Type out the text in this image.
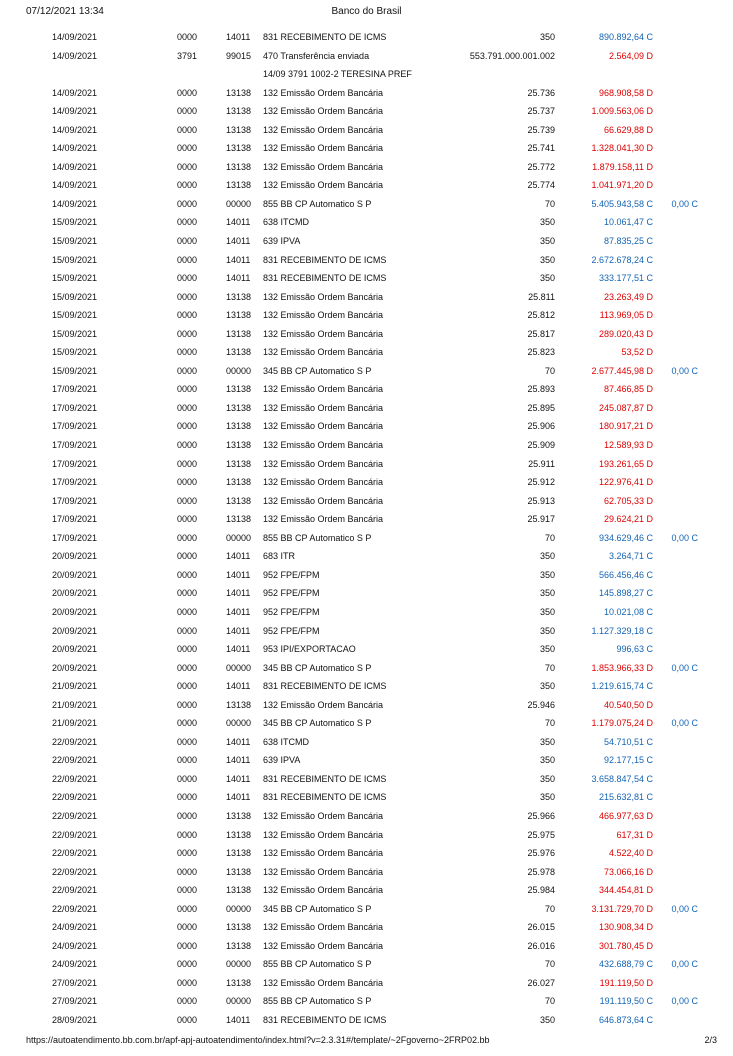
07/12/2021 13:34	Banco do Brasil
14/09/2021	0000	14011 831 RECEBIMENTO DE ICMS	350	890.892,64 C
14/09/2021	3791	99015 470 Transferência enviada	553.791.000.001.002	2.564,09 D
14/09 3791 1002-2 TERESINA PREF
14/09/2021	0000	13138 132 Emissão Ordem Bancária	25.736	968.908,58 D
14/09/2021	0000	13138 132 Emissão Ordem Bancária	25.737	1.009.563,06 D
14/09/2021	0000	13138 132 Emissão Ordem Bancária	25.739	66.629,88 D
14/09/2021	0000	13138 132 Emissão Ordem Bancária	25.741	1.328.041,30 D
14/09/2021	0000	13138 132 Emissão Ordem Bancária	25.772	1.879.158,11 D
14/09/2021	0000	13138 132 Emissão Ordem Bancária	25.774	1.041.971,20 D
14/09/2021	0000	00000 855 BB CP Automatico S P	70	5.405.943,58 C 0,00 C
15/09/2021	0000	14011 638 ITCMD	350	10.061,47 C
15/09/2021	0000	14011 639 IPVA	350	87.835,25 C
15/09/2021	0000	14011 831 RECEBIMENTO DE ICMS	350	2.672.678,24 C
15/09/2021	0000	14011 831 RECEBIMENTO DE ICMS	350	333.177,51 C
15/09/2021	0000	13138 132 Emissão Ordem Bancária	25.811	23.263,49 D
15/09/2021	0000	13138 132 Emissão Ordem Bancária	25.812	113.969,05 D
15/09/2021	0000	13138 132 Emissão Ordem Bancária	25.817	289.020,43 D
15/09/2021	0000	13138 132 Emissão Ordem Bancária	25.823	53,52 D
15/09/2021	0000	00000 345 BB CP Automatico S P	70	2.677.445,98 D 0,00 C
17/09/2021	0000	13138 132 Emissão Ordem Bancária	25.893	87.466,85 D
17/09/2021	0000	13138 132 Emissão Ordem Bancária	25.895	245.087,87 D
17/09/2021	0000	13138 132 Emissão Ordem Bancária	25.906	180.917,21 D
17/09/2021	0000	13138 132 Emissão Ordem Bancária	25.909	12.589,93 D
17/09/2021	0000	13138 132 Emissão Ordem Bancária	25.911	193.261,65 D
17/09/2021	0000	13138 132 Emissão Ordem Bancária	25.912	122.976,41 D
17/09/2021	0000	13138 132 Emissão Ordem Bancária	25.913	62.705,33 D
17/09/2021	0000	13138 132 Emissão Ordem Bancária	25.917	29.624,21 D
17/09/2021	0000	00000 855 BB CP Automatico S P	70	934.629,46 C 0,00 C
20/09/2021	0000	14011 683 ITR	350	3.264,71 C
20/09/2021	0000	14011 952 FPE/FPM	350	566.456,46 C
20/09/2021	0000	14011 952 FPE/FPM	350	145.898,27 C
20/09/2021	0000	14011 952 FPE/FPM	350	10.021,08 C
20/09/2021	0000	14011 952 FPE/FPM	350	1.127.329,18 C
20/09/2021	0000	14011 953 IPI/EXPORTACAO	350	996,63 C
20/09/2021	0000	00000 345 BB CP Automatico S P	70	1.853.966,33 D 0,00 C
21/09/2021	0000	14011 831 RECEBIMENTO DE ICMS	350	1.219.615,74 C
21/09/2021	0000	13138 132 Emissão Ordem Bancária	25.946	40.540,50 D
21/09/2021	0000	00000 345 BB CP Automatico S P	70	1.179.075,24 D 0,00 C
22/09/2021	0000	14011 638 ITCMD	350	54.710,51 C
22/09/2021	0000	14011 639 IPVA	350	92.177,15 C
22/09/2021	0000	14011 831 RECEBIMENTO DE ICMS	350	3.658.847,54 C
22/09/2021	0000	14011 831 RECEBIMENTO DE ICMS	350	215.632,81 C
22/09/2021	0000	13138 132 Emissão Ordem Bancária	25.966	466.977,63 D
22/09/2021	0000	13138 132 Emissão Ordem Bancária	25.975	617,31 D
22/09/2021	0000	13138 132 Emissão Ordem Bancária	25.976	4.522,40 D
22/09/2021	0000	13138 132 Emissão Ordem Bancária	25.978	73.066,16 D
22/09/2021	0000	13138 132 Emissão Ordem Bancária	25.984	344.454,81 D
22/09/2021	0000	00000 345 BB CP Automatico S P	70	3.131.729,70 D 0,00 C
24/09/2021	0000	13138 132 Emissão Ordem Bancária	26.015	130.908,34 D
24/09/2021	0000	13138 132 Emissão Ordem Bancária	26.016	301.780,45 D
24/09/2021	0000	00000 855 BB CP Automatico S P	70	432.688,79 C 0,00 C
27/09/2021	0000	13138 132 Emissão Ordem Bancária	26.027	191.119,50 D
27/09/2021	0000	00000 855 BB CP Automatico S P	70	191.119,50 C 0,00 C
28/09/2021	0000	14011 831 RECEBIMENTO DE ICMS	350	646.873,64 C
https://autoatendimento.bb.com.br/apf-apj-autoatendimento/index.html?v=2.3.31#/template/~2Fgoverno~2FRP02.bb	2/3
